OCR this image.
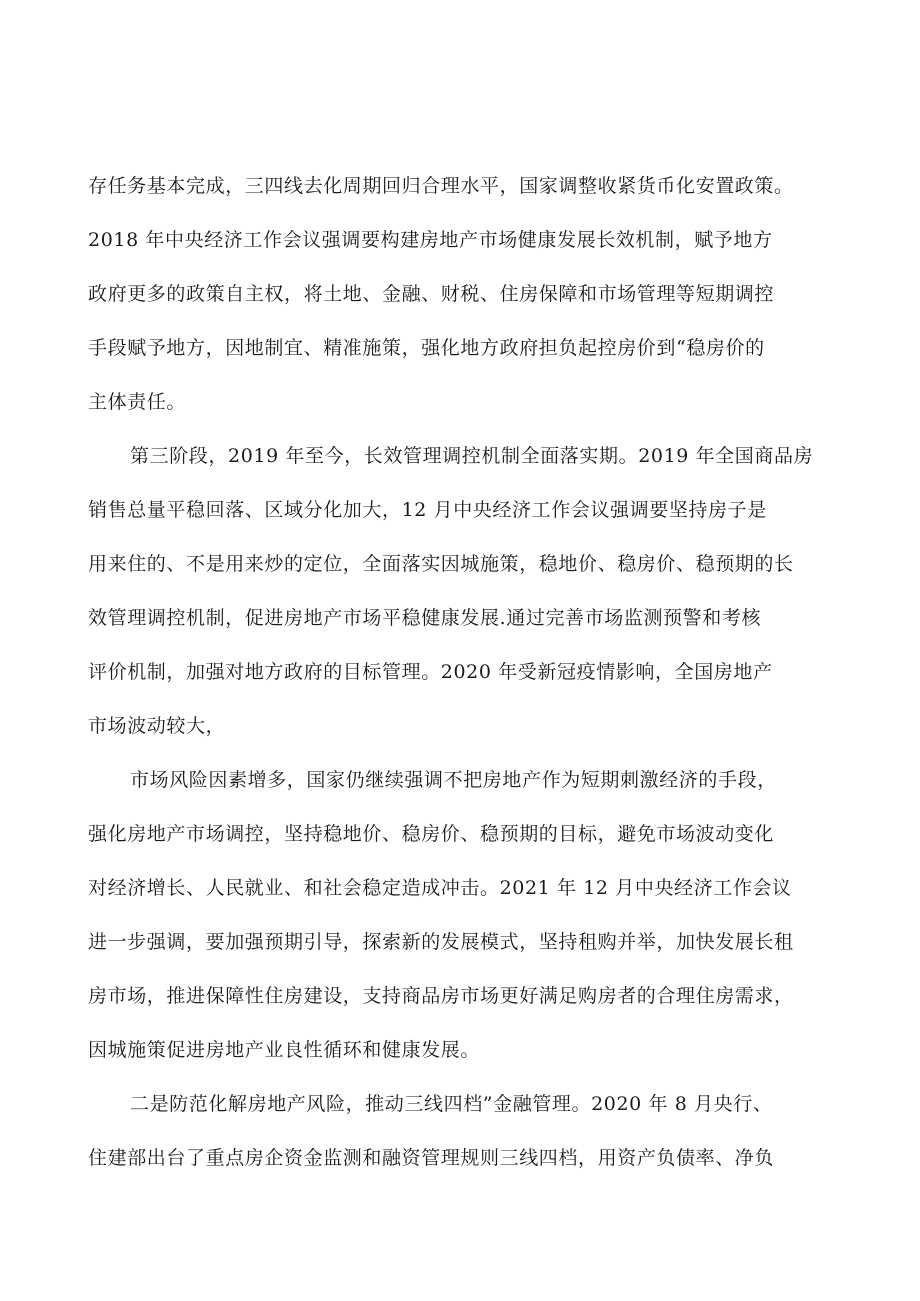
存任务基本完成，三四线去化周期回归合理水平，国家调整收紧货币化安置政策。
2018 年中央经济工作会议强调要构建房地产市场健康发展长效机制，赋予地方
政府更多的政策自主权，将土地、金融、财税、住房保障和市场管理等短期调控
手段赋予地方，因地制宜、精准施策，强化地方政府担负起控房价到“稳房价的
主体责任。
第三阶段，2019 年至今，长效管理调控机制全面落实期。2019 年全国商品房
销售总量平稳回落、区域分化加大，12 月中央经济工作会议强调要坚持房子是
用来住的、不是用来炒的定位，全面落实因城施策，稳地价、稳房价、稳预期的长
效管理调控机制，促进房地产市场平稳健康发展.通过完善市场监测预警和考核
评价机制，加强对地方政府的目标管理。2020 年受新冠疫情影响，全国房地产
市场波动较大，
市场风险因素增多，国家仍继续强调不把房地产作为短期刺激经济的手段，
强化房地产市场调控，坚持稳地价、稳房价、稳预期的目标，避免市场波动变化
对经济增长、人民就业、和社会稳定造成冲击。2021 年 12 月中央经济工作会议
进一步强调，要加强预期引导，探索新的发展模式，坚持租购并举，加快发展长租
房市场，推进保障性住房建设，支持商品房市场更好满足购房者的合理住房需求，
因城施策促进房地产业良性循环和健康发展。
二是防范化解房地产风险，推动三线四档”金融管理。2020 年 8 月央行、
住建部出台了重点房企资金监测和融资管理规则三线四档，用资产负债率、净负
